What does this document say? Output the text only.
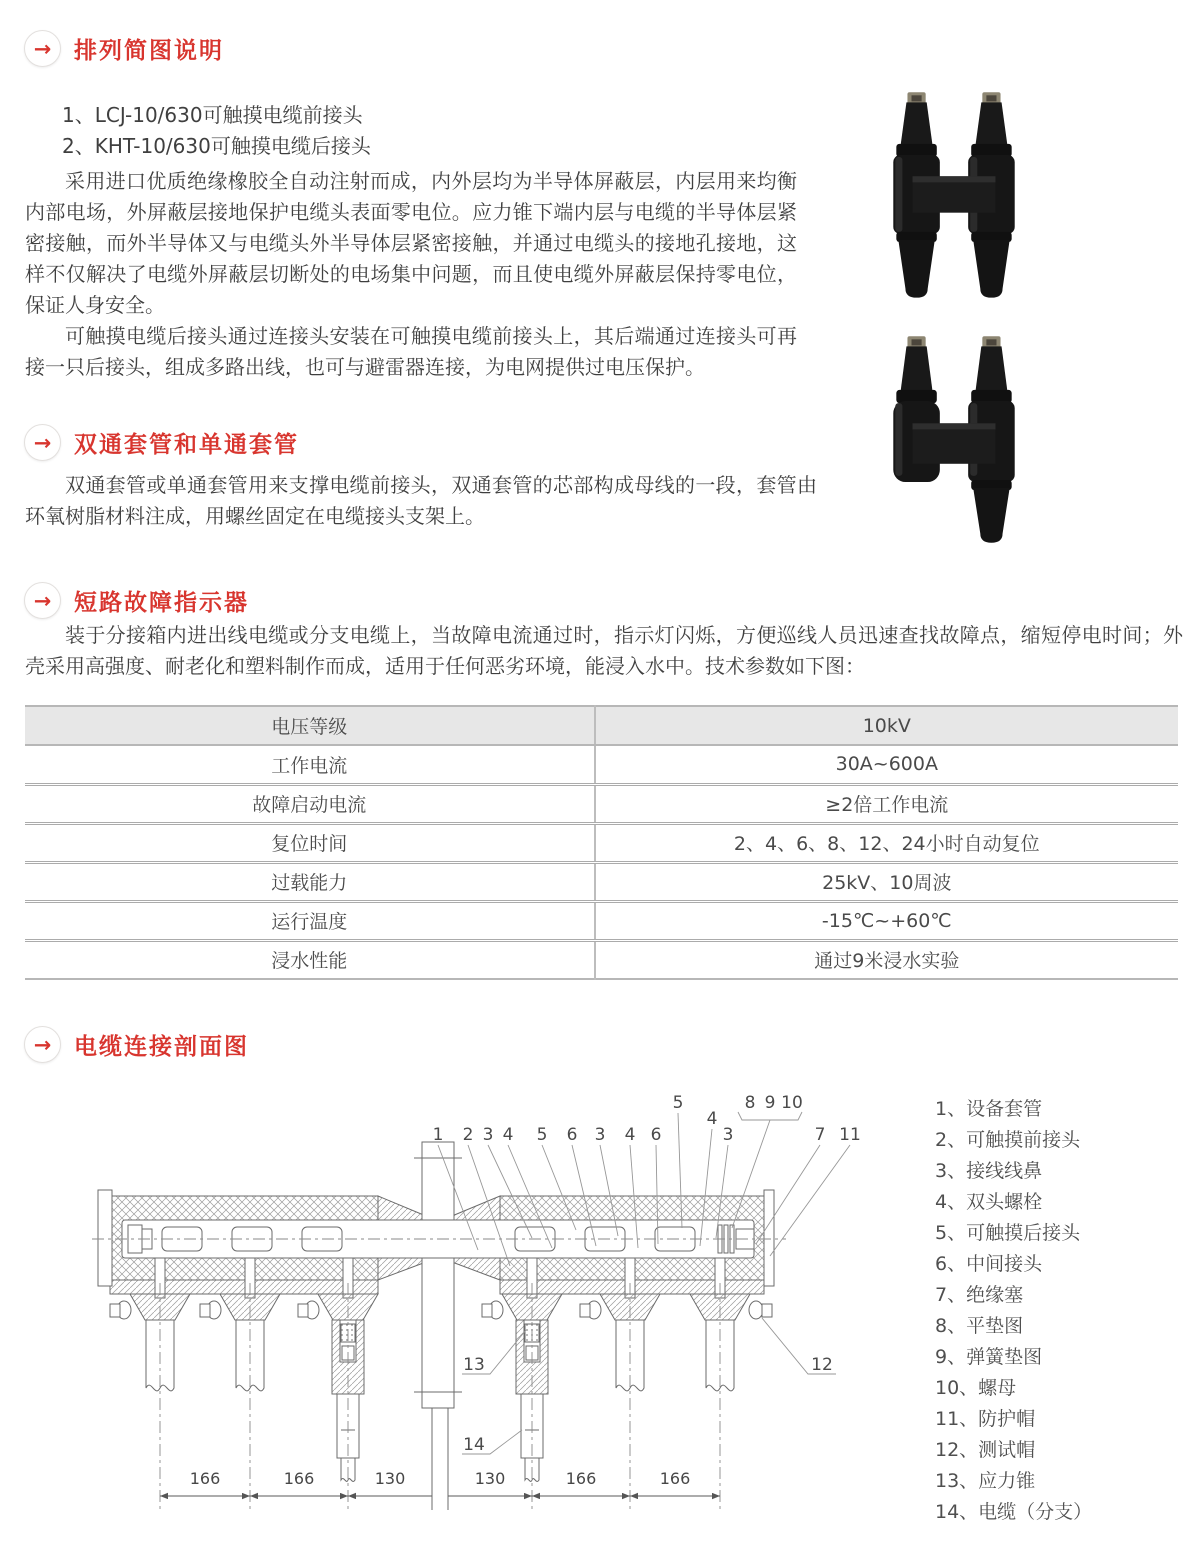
→ 排列简图说明
1、LCJ-10/630可触摸电缆前接头
2、KHT-10/630可触摸电缆后接头

采用进口优质绝缘橡胶全自动注射而成，内外层均为半导体屏蔽层，内层用来均衡内部电场，外屏蔽层接地保护电缆头表面零电位。应力锥下端内层与电缆的半导体层紧密接触，而外半导体又与电缆头外半导体层紧密接触，并通过电缆头的接地孔接地，这样不仅解决了电缆外屏蔽层切断处的电场集中问题，而且使电缆外屏蔽层保持零电位，保证人身安全。

可触摸电缆后接头通过连接头安装在可触摸电缆前接头上，其后端通过连接头可再接一只后接头，组成多路出线，也可与避雷器连接，为电网提供过电压保护。

→ 双通套管和单通套管

双通套管或单通套管用来支撑电缆前接头，双通套管的芯部构成母线的一段，套管由环氧树脂材料注成，用螺丝固定在电缆接头支架上。

→ 短路故障指示器

装于分接箱内进出线电缆或分支电缆上，当故障电流通过时，指示灯闪烁，方便巡线人员迅速查找故障点，缩短停电时间；外壳采用高强度、耐老化和塑料制作而成，适用于任何恶劣环境，能浸入水中。技术参数如下图：

电压等级	10kV
工作电流	30A~600A
故障启动电流	≥2倍工作电流
复位时间	2、4、6、8、12、24小时自动复位
过载能力	25kV、10周波
运行温度	-15℃~+60℃
浸水性能	通过9米浸水实验
→ 电缆连接剖面图
1 2 3 4 5 6 3 4 6
5
4
3
8 9 10
7 11
13
14
12
166	166	130	130	166	166
1、设备套管
2、可触摸前接头
3、接线线鼻
4、双头螺栓
5、可触摸后接头
6、中间接头
7、绝缘塞
8、平垫图
9、弹簧垫图
10、螺母
11、防护帽
12、测试帽
13、应力锥
14、电缆（分支）
